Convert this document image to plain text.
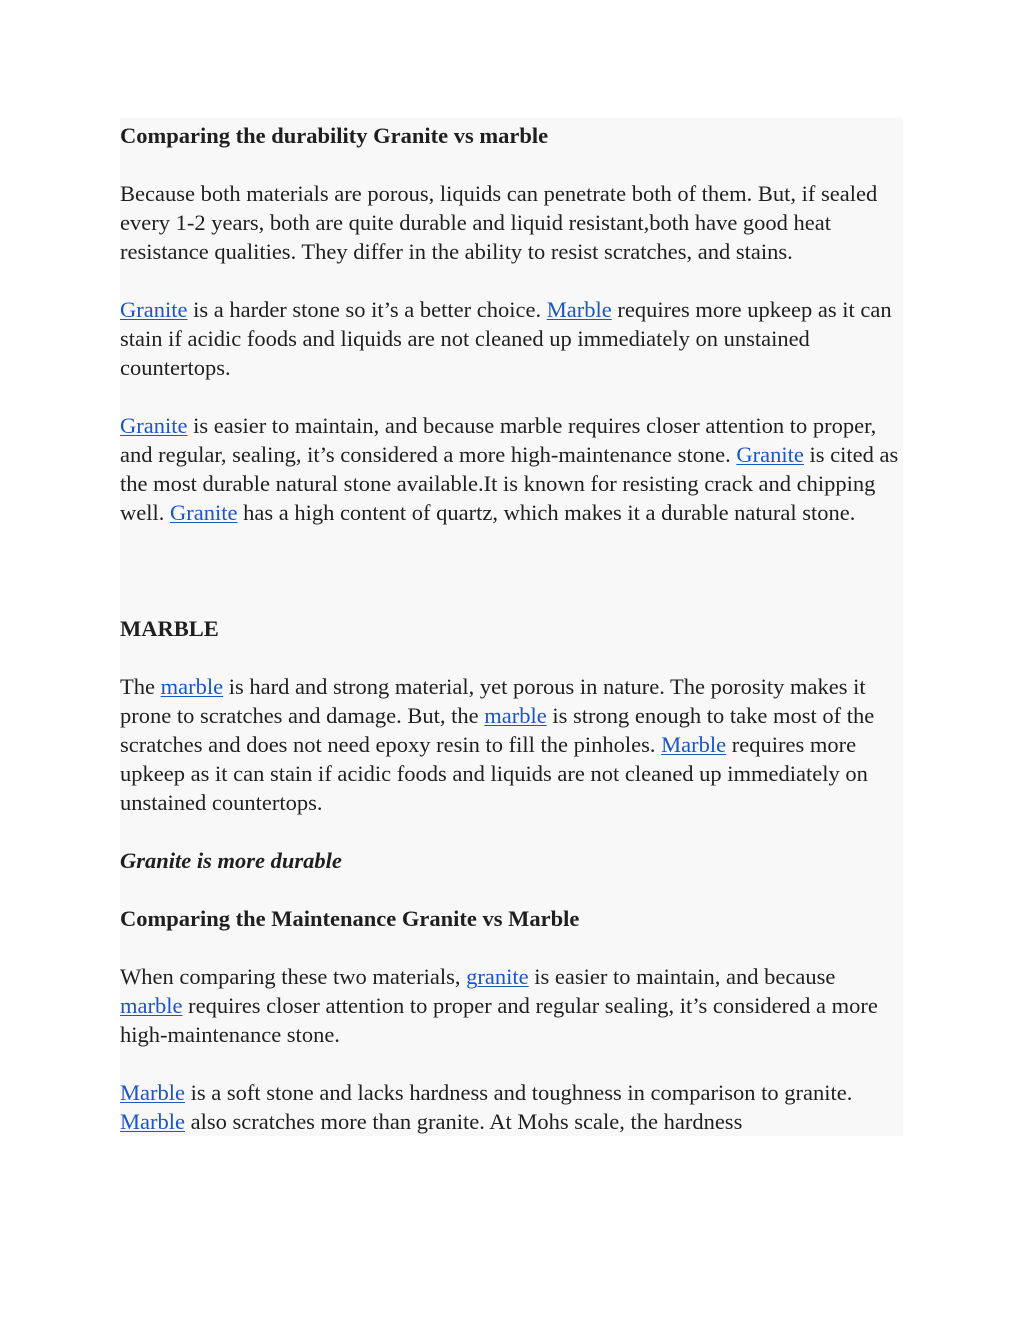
Comparing the durability Granite vs marble

Because both materials are porous, liquids can penetrate both of them. But, if sealed every 1-2 years, both are quite durable and liquid resistant,both have good heat resistance qualities. They differ in the ability to resist scratches, and stains.

Granite is a harder stone so it’s a better choice. Marble requires more upkeep as it can stain if acidic foods and liquids are not cleaned up immediately on unstained countertops.

Granite is easier to maintain, and because marble requires closer attention to proper, and regular, sealing, it’s considered a more high-maintenance stone. Granite is cited as the most durable natural stone available.It is known for resisting crack and chipping well. Granite has a high content of quartz, which makes it a durable natural stone.

MARBLE

The marble is hard and strong material, yet porous in nature. The porosity makes it prone to scratches and damage. But, the marble is strong enough to take most of the scratches and does not need epoxy resin to fill the pinholes. Marble requires more upkeep as it can stain if acidic foods and liquids are not cleaned up immediately on unstained countertops.

Granite is more durable

Comparing the Maintenance Granite vs Marble

When comparing these two materials, granite is easier to maintain, and because marble requires closer attention to proper and regular sealing, it’s considered a more high-maintenance stone.

Marble is a soft stone and lacks hardness and toughness in comparison to granite. Marble also scratches more than granite. At Mohs scale, the hardness
